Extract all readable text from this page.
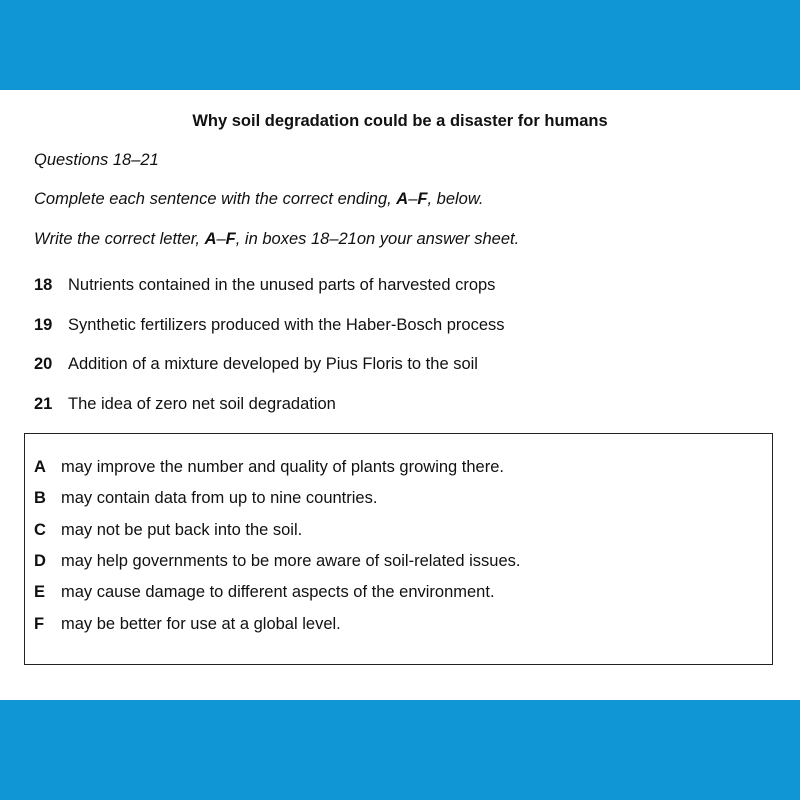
Why soil degradation could be a disaster for humans
Questions 18–21
Complete each sentence with the correct ending, A–F, below.
Write the correct letter, A–F, in boxes 18–21on your answer sheet.
18 Nutrients contained in the unused parts of harvested crops
19 Synthetic fertilizers produced with the Haber-Bosch process
20 Addition of a mixture developed by Pius Floris to the soil
21 The idea of zero net soil degradation
A may improve the number and quality of plants growing there.
B may contain data from up to nine countries.
C may not be put back into the soil.
D may help governments to be more aware of soil-related issues.
E may cause damage to different aspects of the environment.
F may be better for use at a global level.
